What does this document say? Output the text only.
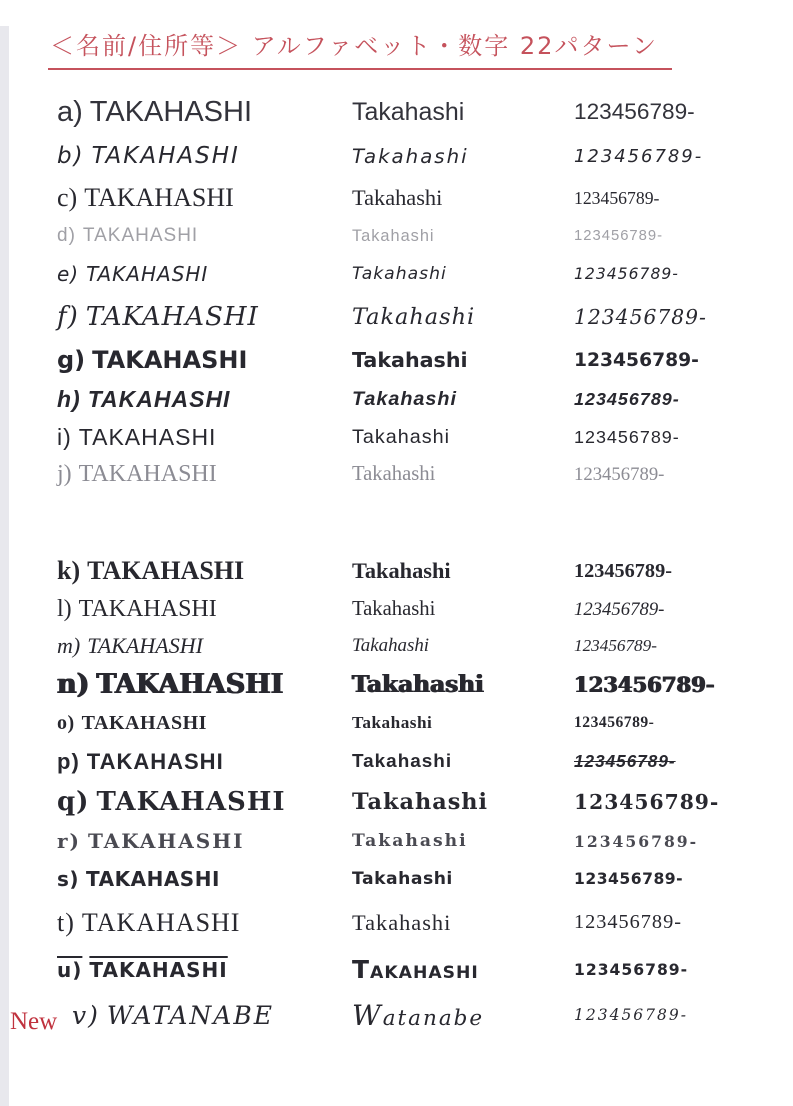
＜名前/住所等＞ アルファベット・数字 22パターン
a) TAKAHASHI	Takahashi	123456789-
b) TAKAHASHI	Takahashi	123456789-
c) TAKAHASHI	Takahashi	123456789-
d) TAKAHASHI	Takahashi	123456789-
e) TAKAHASHI	Takahashi	123456789-
f) TAKAHASHI	Takahashi	123456789-
g) TAKAHASHI	Takahashi	123456789-
h) TAKAHASHI	Takahashi	123456789-
i) TAKAHASHI	Takahashi	123456789-
j) TAKAHASHI	Takahashi	123456789-
k) TAKAHASHI	Takahashi	123456789-
l) TAKAHASHI	Takahashi	123456789-
m) TAKAHASHI	Takahashi	123456789-
n) TAKAHASHI	Takahashi	123456789-
o) TAKAHASHI	Takahashi	123456789-
p) TAKAHASHI	Takahashi	123456789-
q) TAKAHASHI	Takahashi	123456789-
r) TAKAHASHI	Takahashi	123456789-
s) TAKAHASHI	Takahashi	123456789-
t) TAKAHASHI	Takahashi	123456789-
u) TAKAHASHI	TAKAHASHI	123456789-
v) WATANABE	Watanabe	123456789-
New
